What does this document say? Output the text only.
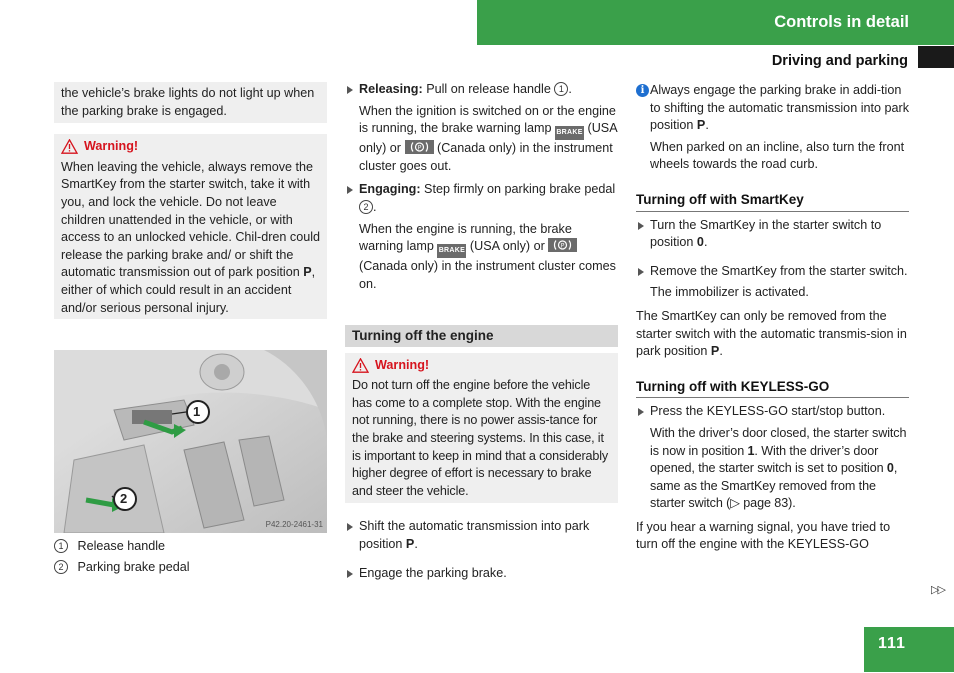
Controls in detail
Driving and parking

the vehicle’s brake lights do not light up when the parking brake is engaged.

Warning!

When leaving the vehicle, always remove the SmartKey from the starter switch, take it with you, and lock the vehicle. Do not leave children unattended in the vehicle, or with access to an unlocked vehicle. Chil-dren could release the parking brake and/ or shift the automatic transmission out of park position P, either of which could result in an accident and/or serious personal injury.

1
2
P42.20-2461-31
1 Release handle
2 Parking brake pedal

Releasing: Pull on release handle 1 .

When the ignition is switched on or the engine is running, the brake warning lamp BRAKE (USA only) or P (Canada only) in the instrument cluster goes out.

Engaging: Step firmly on parking brake pedal 2 .

When the engine is running, the brake warning lamp BRAKE (USA only) or P
(Canada only) in the instrument cluster comes on.

Turning off the engine
Warning!

Do not turn off the engine before the vehicle has come to a complete stop. With the engine not running, there is no power assis-tance for the brake and steering systems. In this case, it is important to keep in mind that a considerably higher degree of effort is necessary to brake and steer the vehicle.

Shift the automatic transmission into park position P.

Engage the parking brake.

i Always engage the parking brake in addi-tion to shifting the automatic transmission into park position P.

When parked on an incline, also turn the front wheels towards the road curb.

Turning off with SmartKey

Turn the SmartKey in the starter switch to position 0.

Remove the SmartKey from the starter switch.

The immobilizer is activated.

The SmartKey can only be removed from the starter switch with the automatic transmis-sion in park position P.

Turning off with KEYLESS-GO

Press the KEYLESS-GO start/stop button.

With the driver’s door closed, the starter switch is now in position 1. With the driver’s door opened, the starter switch is set to position 0, same as the SmartKey removed from the starter switch (▷ page 83).

If you hear a warning signal, you have tried to turn off the engine with the KEYLESS-GO

▷▷
111
